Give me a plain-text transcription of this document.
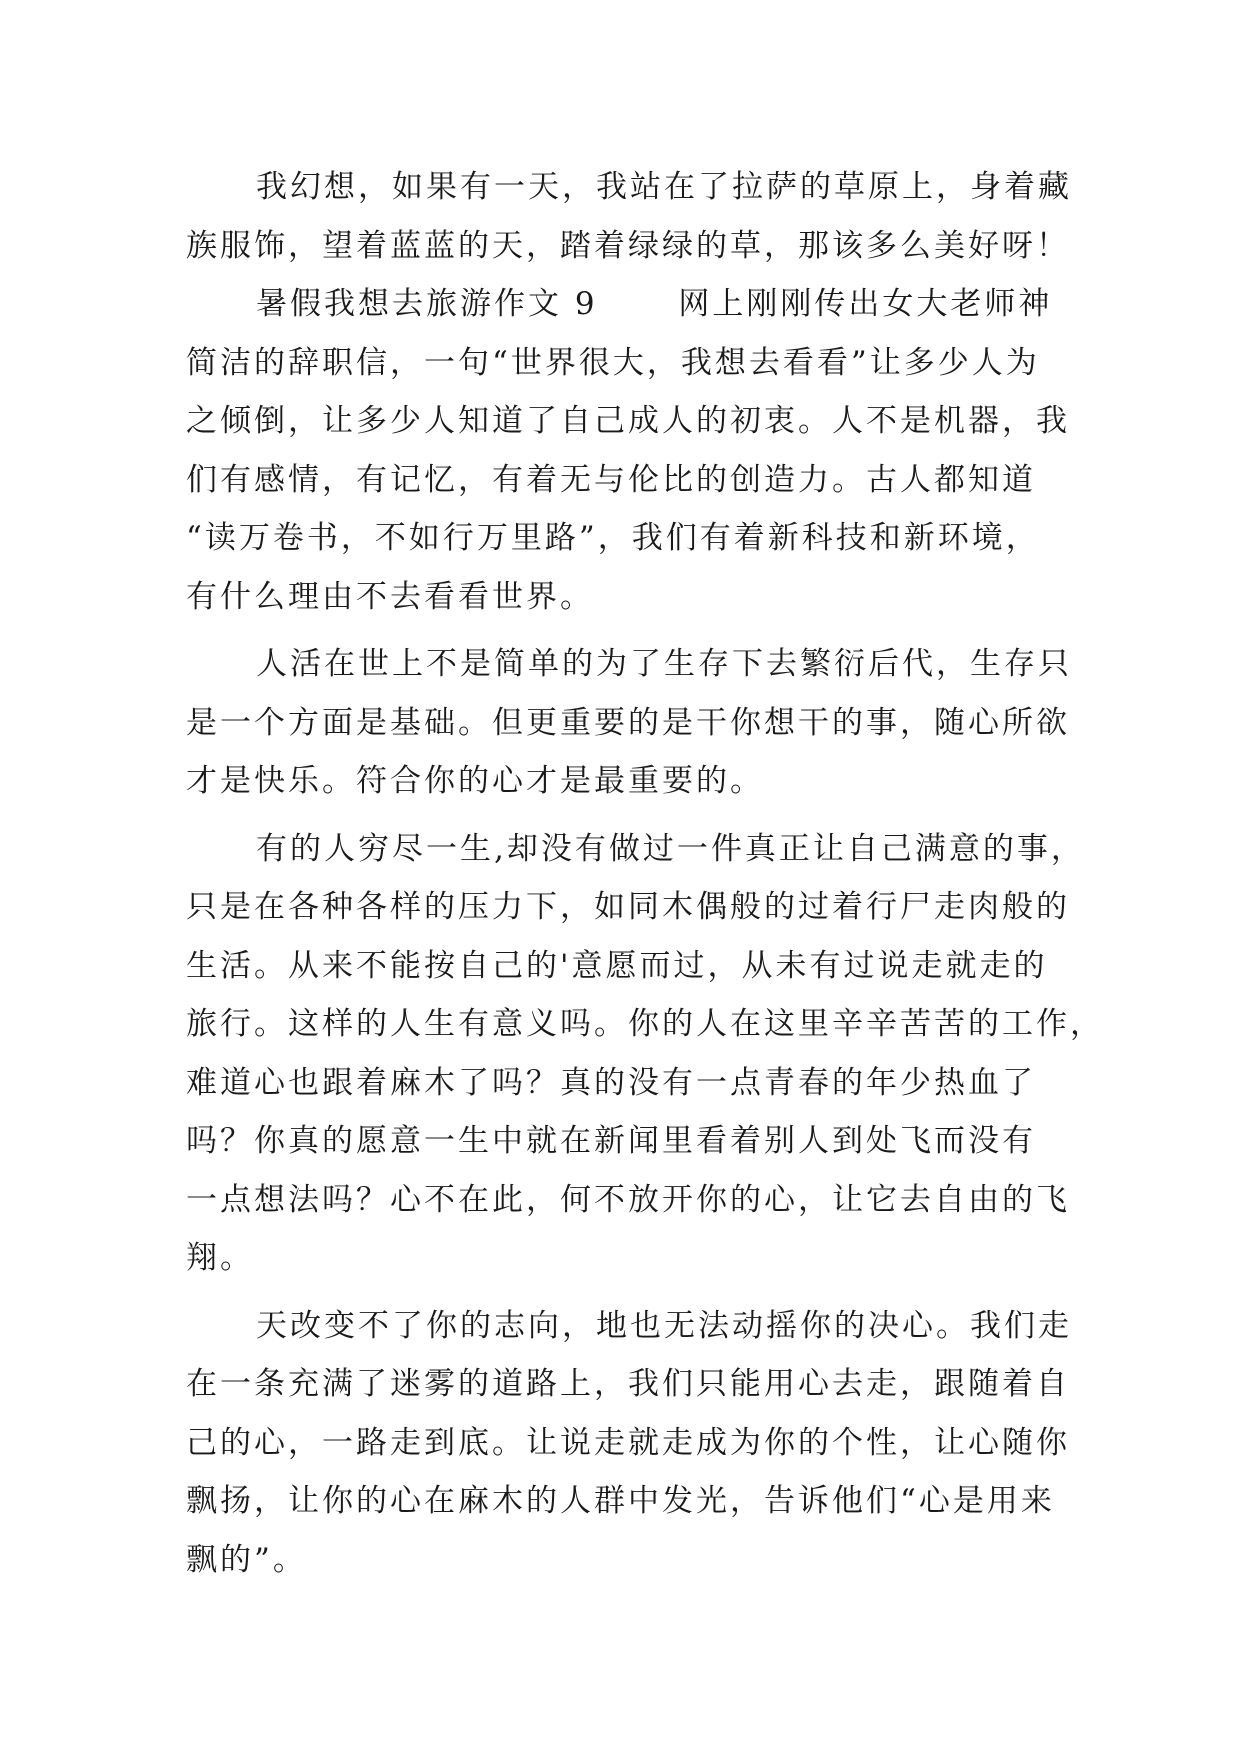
我幻想，如果有一天，我站在了拉萨的草原上，身着藏
族服饰，望着蓝蓝的天，踏着绿绿的草，那该多么美好呀！
暑假我想去旅游作文 9 　　网上刚刚传出女大老师神
简洁的辞职信，一句“世界很大，我想去看看”让多少人为
之倾倒，让多少人知道了自己成人的初衷。人不是机器，我
们有感情，有记忆，有着无与伦比的创造力。古人都知道
“读万卷书，不如行万里路”，我们有着新科技和新环境，
有什么理由不去看看世界。
人活在世上不是简单的为了生存下去繁衍后代，生存只
是一个方面是基础。但更重要的是干你想干的事，随心所欲
才是快乐。符合你的心才是最重要的。
有的人穷尽一生,却没有做过一件真正让自己满意的事，
只是在各种各样的压力下，如同木偶般的过着行尸走肉般的
生活。从来不能按自己的'意愿而过，从未有过说走就走的
旅行。这样的人生有意义吗。你的人在这里辛辛苦苦的工作，
难道心也跟着麻木了吗？真的没有一点青春的年少热血了
吗？你真的愿意一生中就在新闻里看着别人到处飞而没有
一点想法吗？心不在此，何不放开你的心，让它去自由的飞
翔。
天改变不了你的志向，地也无法动摇你的决心。我们走
在一条充满了迷雾的道路上，我们只能用心去走，跟随着自
己的心，一路走到底。让说走就走成为你的个性，让心随你
飘扬，让你的心在麻木的人群中发光，告诉他们“心是用来
飘的”。
